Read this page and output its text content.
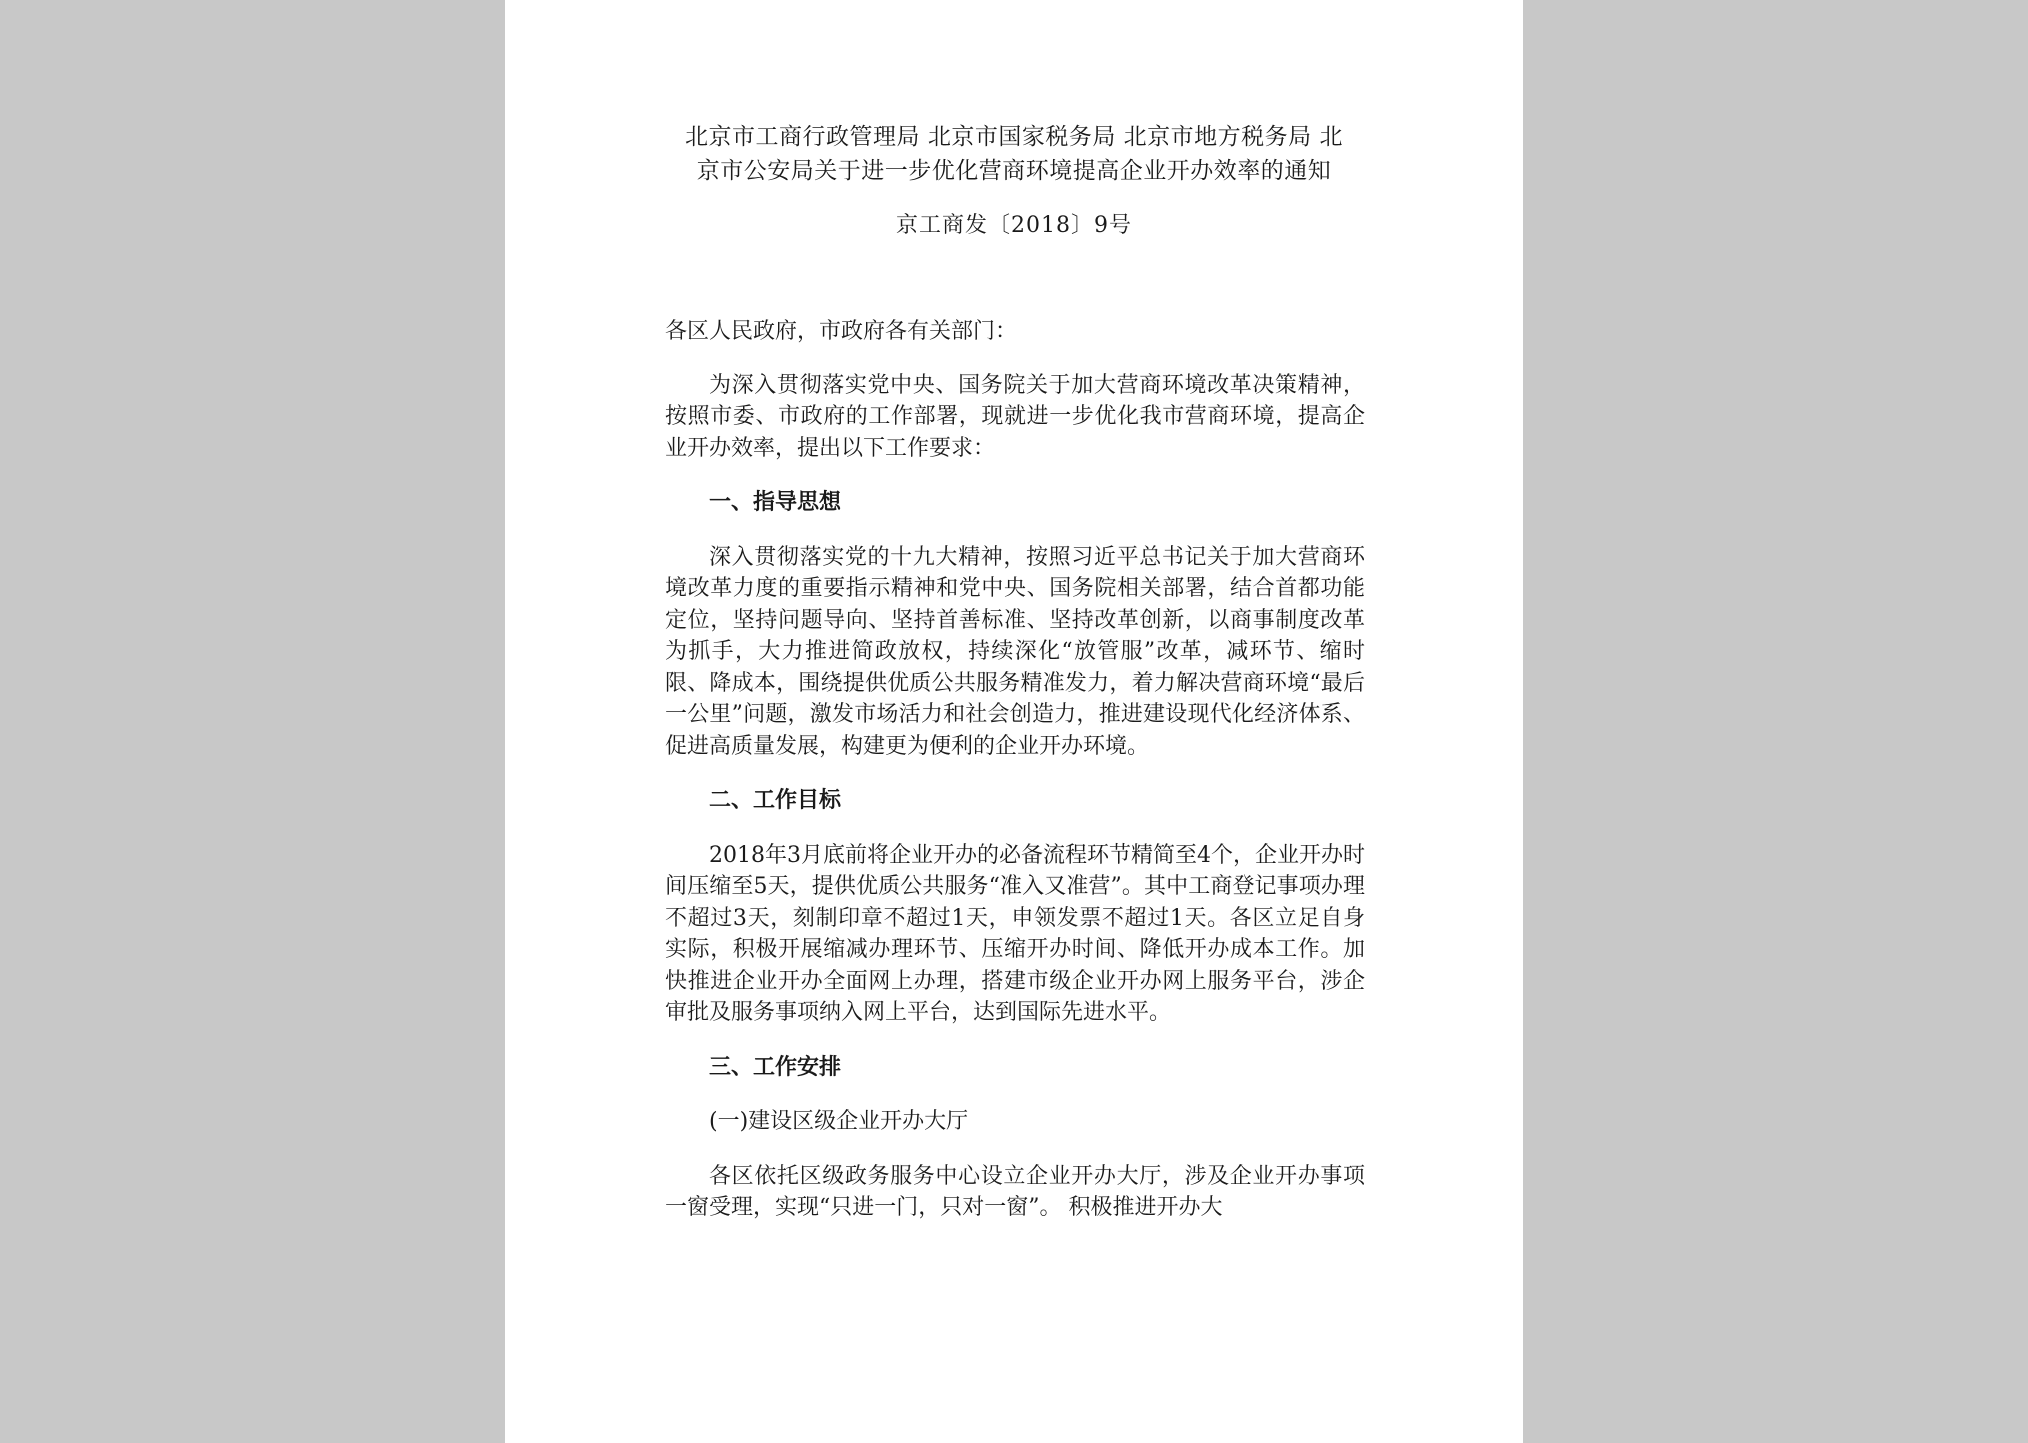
北京市工商行政管理局 北京市国家税务局 北京市地方税务局 北
京市公安局关于进一步优化营商环境提高企业开办效率的通知
京工商发〔2018〕9号

各区人民政府，市政府各有关部门：

为深入贯彻落实党中央、国务院关于加大营商环境改革决策精神，按照市委、市政府的工作部署，现就进一步优化我市营商环境，提高企业开办效率，提出以下工作要求：

一、指导思想

深入贯彻落实党的十九大精神，按照习近平总书记关于加大营商环境改革力度的重要指示精神和党中央、国务院相关部署，结合首都功能定位，坚持问题导向、坚持首善标准、坚持改革创新，以商事制度改革为抓手，大力推进简政放权，持续深化“放管服”改革，减环节、缩时限、降成本，围绕提供优质公共服务精准发力，着力解决营商环境“最后一公里”问题，激发市场活力和社会创造力，推进建设现代化经济体系、促进高质量发展，构建更为便利的企业开办环境。

二、工作目标

2018年3月底前将企业开办的必备流程环节精简至4个，企业开办时间压缩至5天，提供优质公共服务“准入又准营”。其中工商登记事项办理不超过3天，刻制印章不超过1天，申领发票不超过1天。各区立足自身实际，积极开展缩减办理环节、压缩开办时间、降低开办成本工作。加快推进企业开办全面网上办理，搭建市级企业开办网上服务平台，涉企审批及服务事项纳入网上平台，达到国际先进水平。

三、工作安排

(一)建设区级企业开办大厅

各区依托区级政务服务中心设立企业开办大厅，涉及企业开办事项一窗受理，实现“只进一门，只对一窗”。 积极推进开办大
